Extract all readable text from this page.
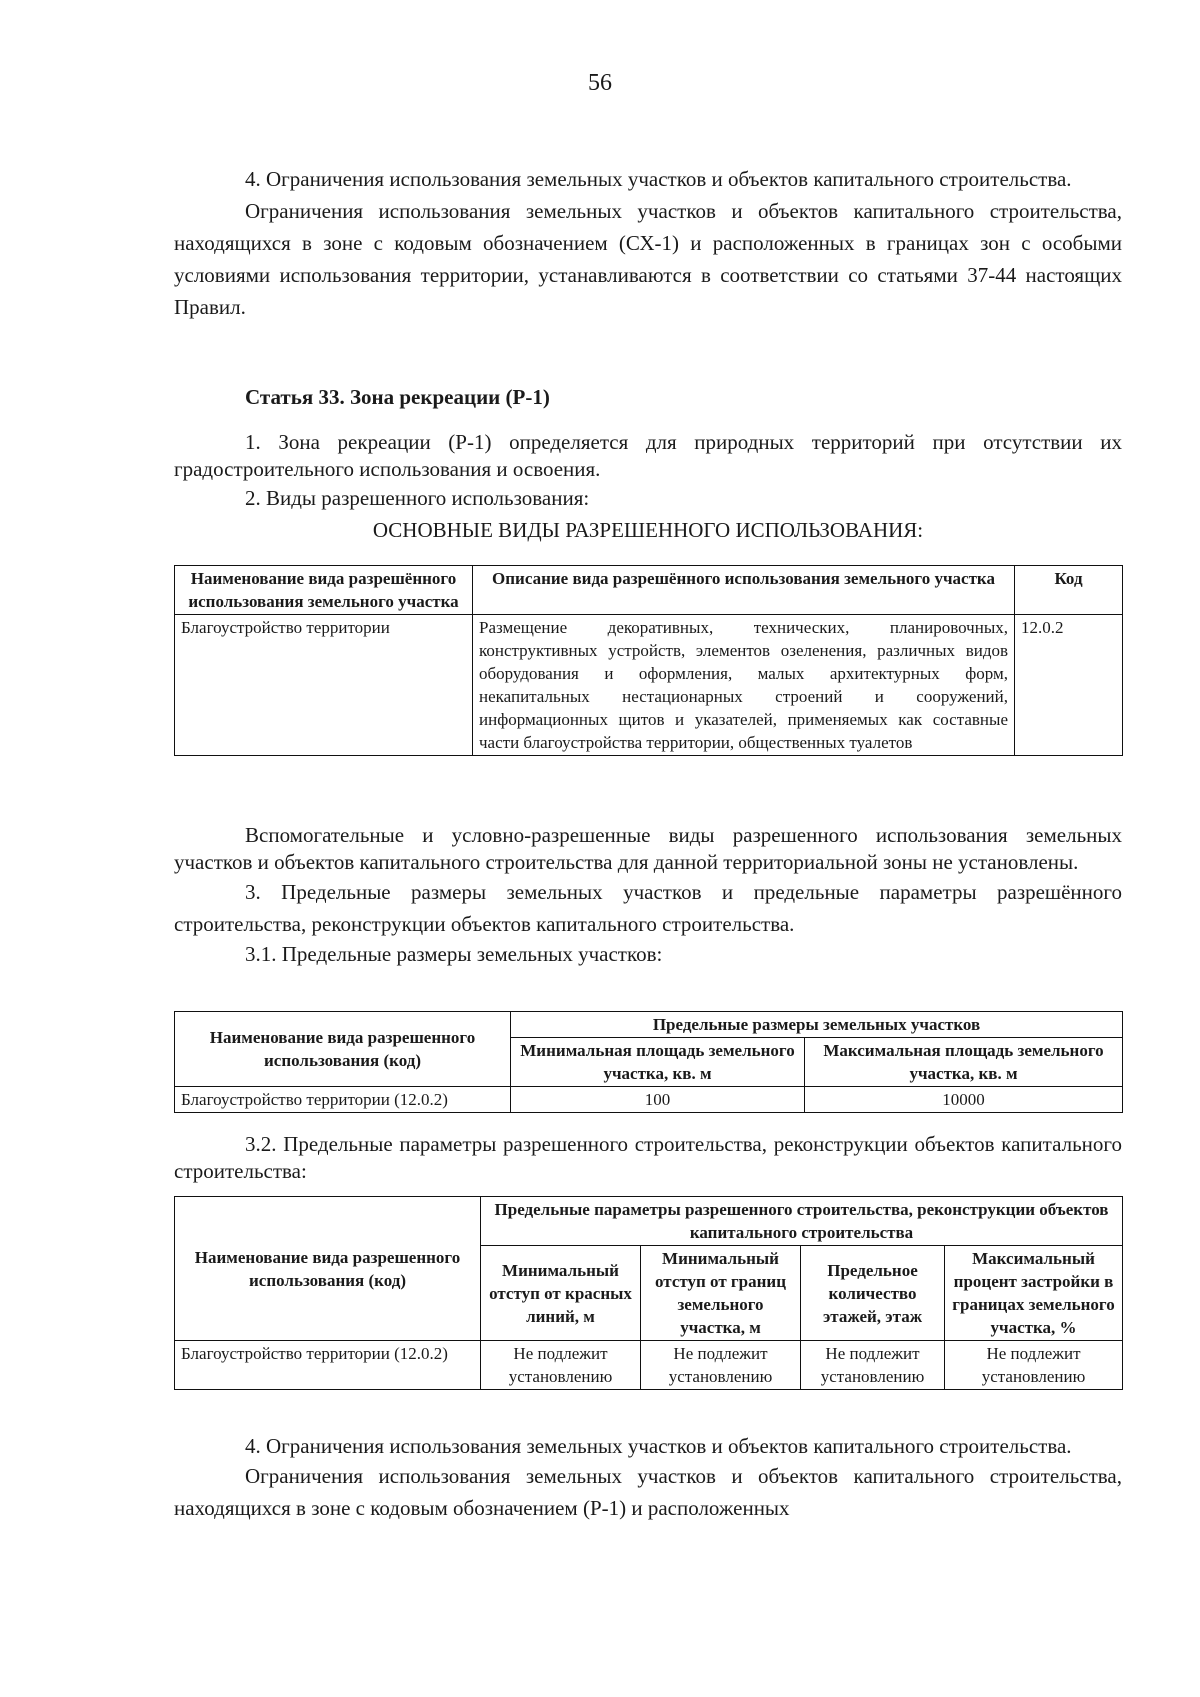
56

4. Ограничения использования земельных участков и объектов капитального строительства.

Ограничения использования земельных участков и объектов капитального строительства, находящихся в зоне с кодовым обозначением (СХ-1) и расположенных в границах зон с особыми условиями использования территории, устанавливаются в соответствии со статьями 37-44 настоящих Правил.

Статья 33. Зона рекреации (Р-1)

1. Зона рекреации (Р-1) определяется для природных территорий при отсутствии их градостроительного использования и освоения.

2. Виды разрешенного использования:

ОСНОВНЫЕ ВИДЫ РАЗРЕШЕННОГО ИСПОЛЬЗОВАНИЯ:
Наименование вида разрешённого использования земельного участка	Описание вида разрешённого использования земельного участка	Код
Благоустройство территории	Размещение декоративных, технических, планировочных, конструктивных устройств, элементов озеленения, различных видов оборудования и оформления, малых архитектурных форм, некапитальных нестационарных строений и сооружений, информационных щитов и указателей, применяемых как составные части благоустройства территории, общественных туалетов	12.0.2

Вспомогательные и условно-разрешенные виды разрешенного использования земельных участков и объектов капитального строительства для данной территориальной зоны не установлены.

3. Предельные размеры земельных участков и предельные параметры разрешённого строительства, реконструкции объектов капитального строительства.

3.1. Предельные размеры земельных участков:

Наименование вида разрешенного использования (код)	Предельные размеры земельных участков	
	Минимальная площадь земельного участка, кв. м	Максимальная площадь земельного участка, кв. м
Благоустройство территории (12.0.2)	100	10000

3.2. Предельные параметры разрешенного строительства, реконструкции объектов капитального строительства:

Наименование вида разрешенного использования (код)	Предельные параметры разрешенного строительства, реконструкции объектов капитального строительства			
	Минимальный отступ от красных линий, м	Минимальный отступ от границ земельного участка, м	Предельное количество этажей, этаж	Максимальный процент застройки в границах земельного участка, %
Благоустройство территории (12.0.2)	Не подлежит установлению	Не подлежит установлению	Не подлежит установлению	Не подлежит установлению

4. Ограничения использования земельных участков и объектов капитального строительства.

Ограничения использования земельных участков и объектов капитального строительства, находящихся в зоне с кодовым обозначением (Р-1) и расположенных
